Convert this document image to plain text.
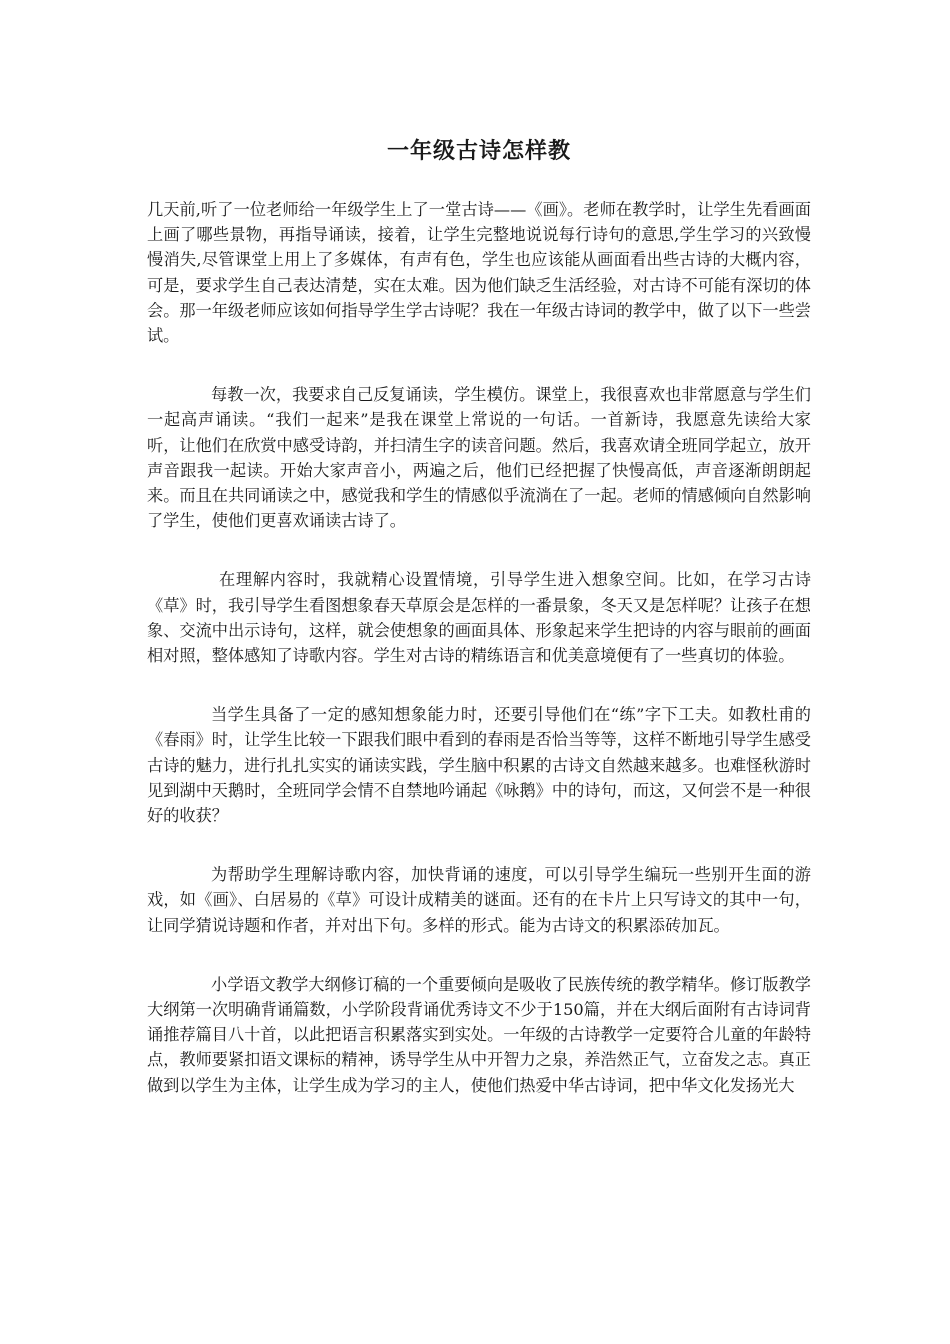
一年级古诗怎样教

几天前,听了一位老师给一年级学生上了一堂古诗——《画》。老师在教学时，让学生先看画面上画了哪些景物，再指导诵读，接着，让学生完整地说说每行诗句的意思,学生学习的兴致慢慢消失,尽管课堂上用上了多媒体，有声有色，学生也应该能从画面看出些古诗的大概内容，可是，要求学生自己表达清楚，实在太难。因为他们缺乏生活经验，对古诗不可能有深切的体会。那一年级老师应该如何指导学生学古诗呢？我在一年级古诗词的教学中，做了以下一些尝试。

每教一次，我要求自己反复诵读，学生模仿。课堂上，我很喜欢也非常愿意与学生们一起高声诵读。“我们一起来”是我在课堂上常说的一句话。一首新诗，我愿意先读给大家听，让他们在欣赏中感受诗韵，并扫清生字的读音问题。然后，我喜欢请全班同学起立，放开声音跟我一起读。开始大家声音小，两遍之后，他们已经把握了快慢高低，声音逐渐朗朗起来。而且在共同诵读之中，感觉我和学生的情感似乎流淌在了一起。老师的情感倾向自然影响了学生，使他们更喜欢诵读古诗了。

在理解内容时，我就精心设置情境，引导学生进入想象空间。比如，在学习古诗《草》时，我引导学生看图想象春天草原会是怎样的一番景象，冬天又是怎样呢？让孩子在想象、交流中出示诗句，这样，就会使想象的画面具体、形象起来学生把诗的内容与眼前的画面相对照，整体感知了诗歌内容。学生对古诗的精练语言和优美意境便有了一些真切的体验。

当学生具备了一定的感知想象能力时，还要引导他们在“练”字下工夫。如教杜甫的《春雨》时，让学生比较一下跟我们眼中看到的春雨是否恰当等等，这样不断地引导学生感受古诗的魅力，进行扎扎实实的诵读实践，学生脑中积累的古诗文自然越来越多。也难怪秋游时见到湖中天鹅时，全班同学会情不自禁地吟诵起《咏鹅》中的诗句，而这，又何尝不是一种很好的收获？

为帮助学生理解诗歌内容，加快背诵的速度，可以引导学生编玩一些别开生面的游戏，如《画》、白居易的《草》可设计成精美的谜面。还有的在卡片上只写诗文的其中一句，让同学猜说诗题和作者，并对出下句。多样的形式。能为古诗文的积累添砖加瓦。

小学语文教学大纲修订稿的一个重要倾向是吸收了民族传统的教学精华。修订版教学大纲第一次明确背诵篇数，小学阶段背诵优秀诗文不少于150篇，并在大纲后面附有古诗词背诵推荐篇目八十首，以此把语言积累落实到实处。一年级的古诗教学一定要符合儿童的年龄特点，教师要紧扣语文课标的精神，诱导学生从中开智力之泉，养浩然正气，立奋发之志。真正做到以学生为主体，让学生成为学习的主人，使他们热爱中华古诗词，把中华文化发扬光大
